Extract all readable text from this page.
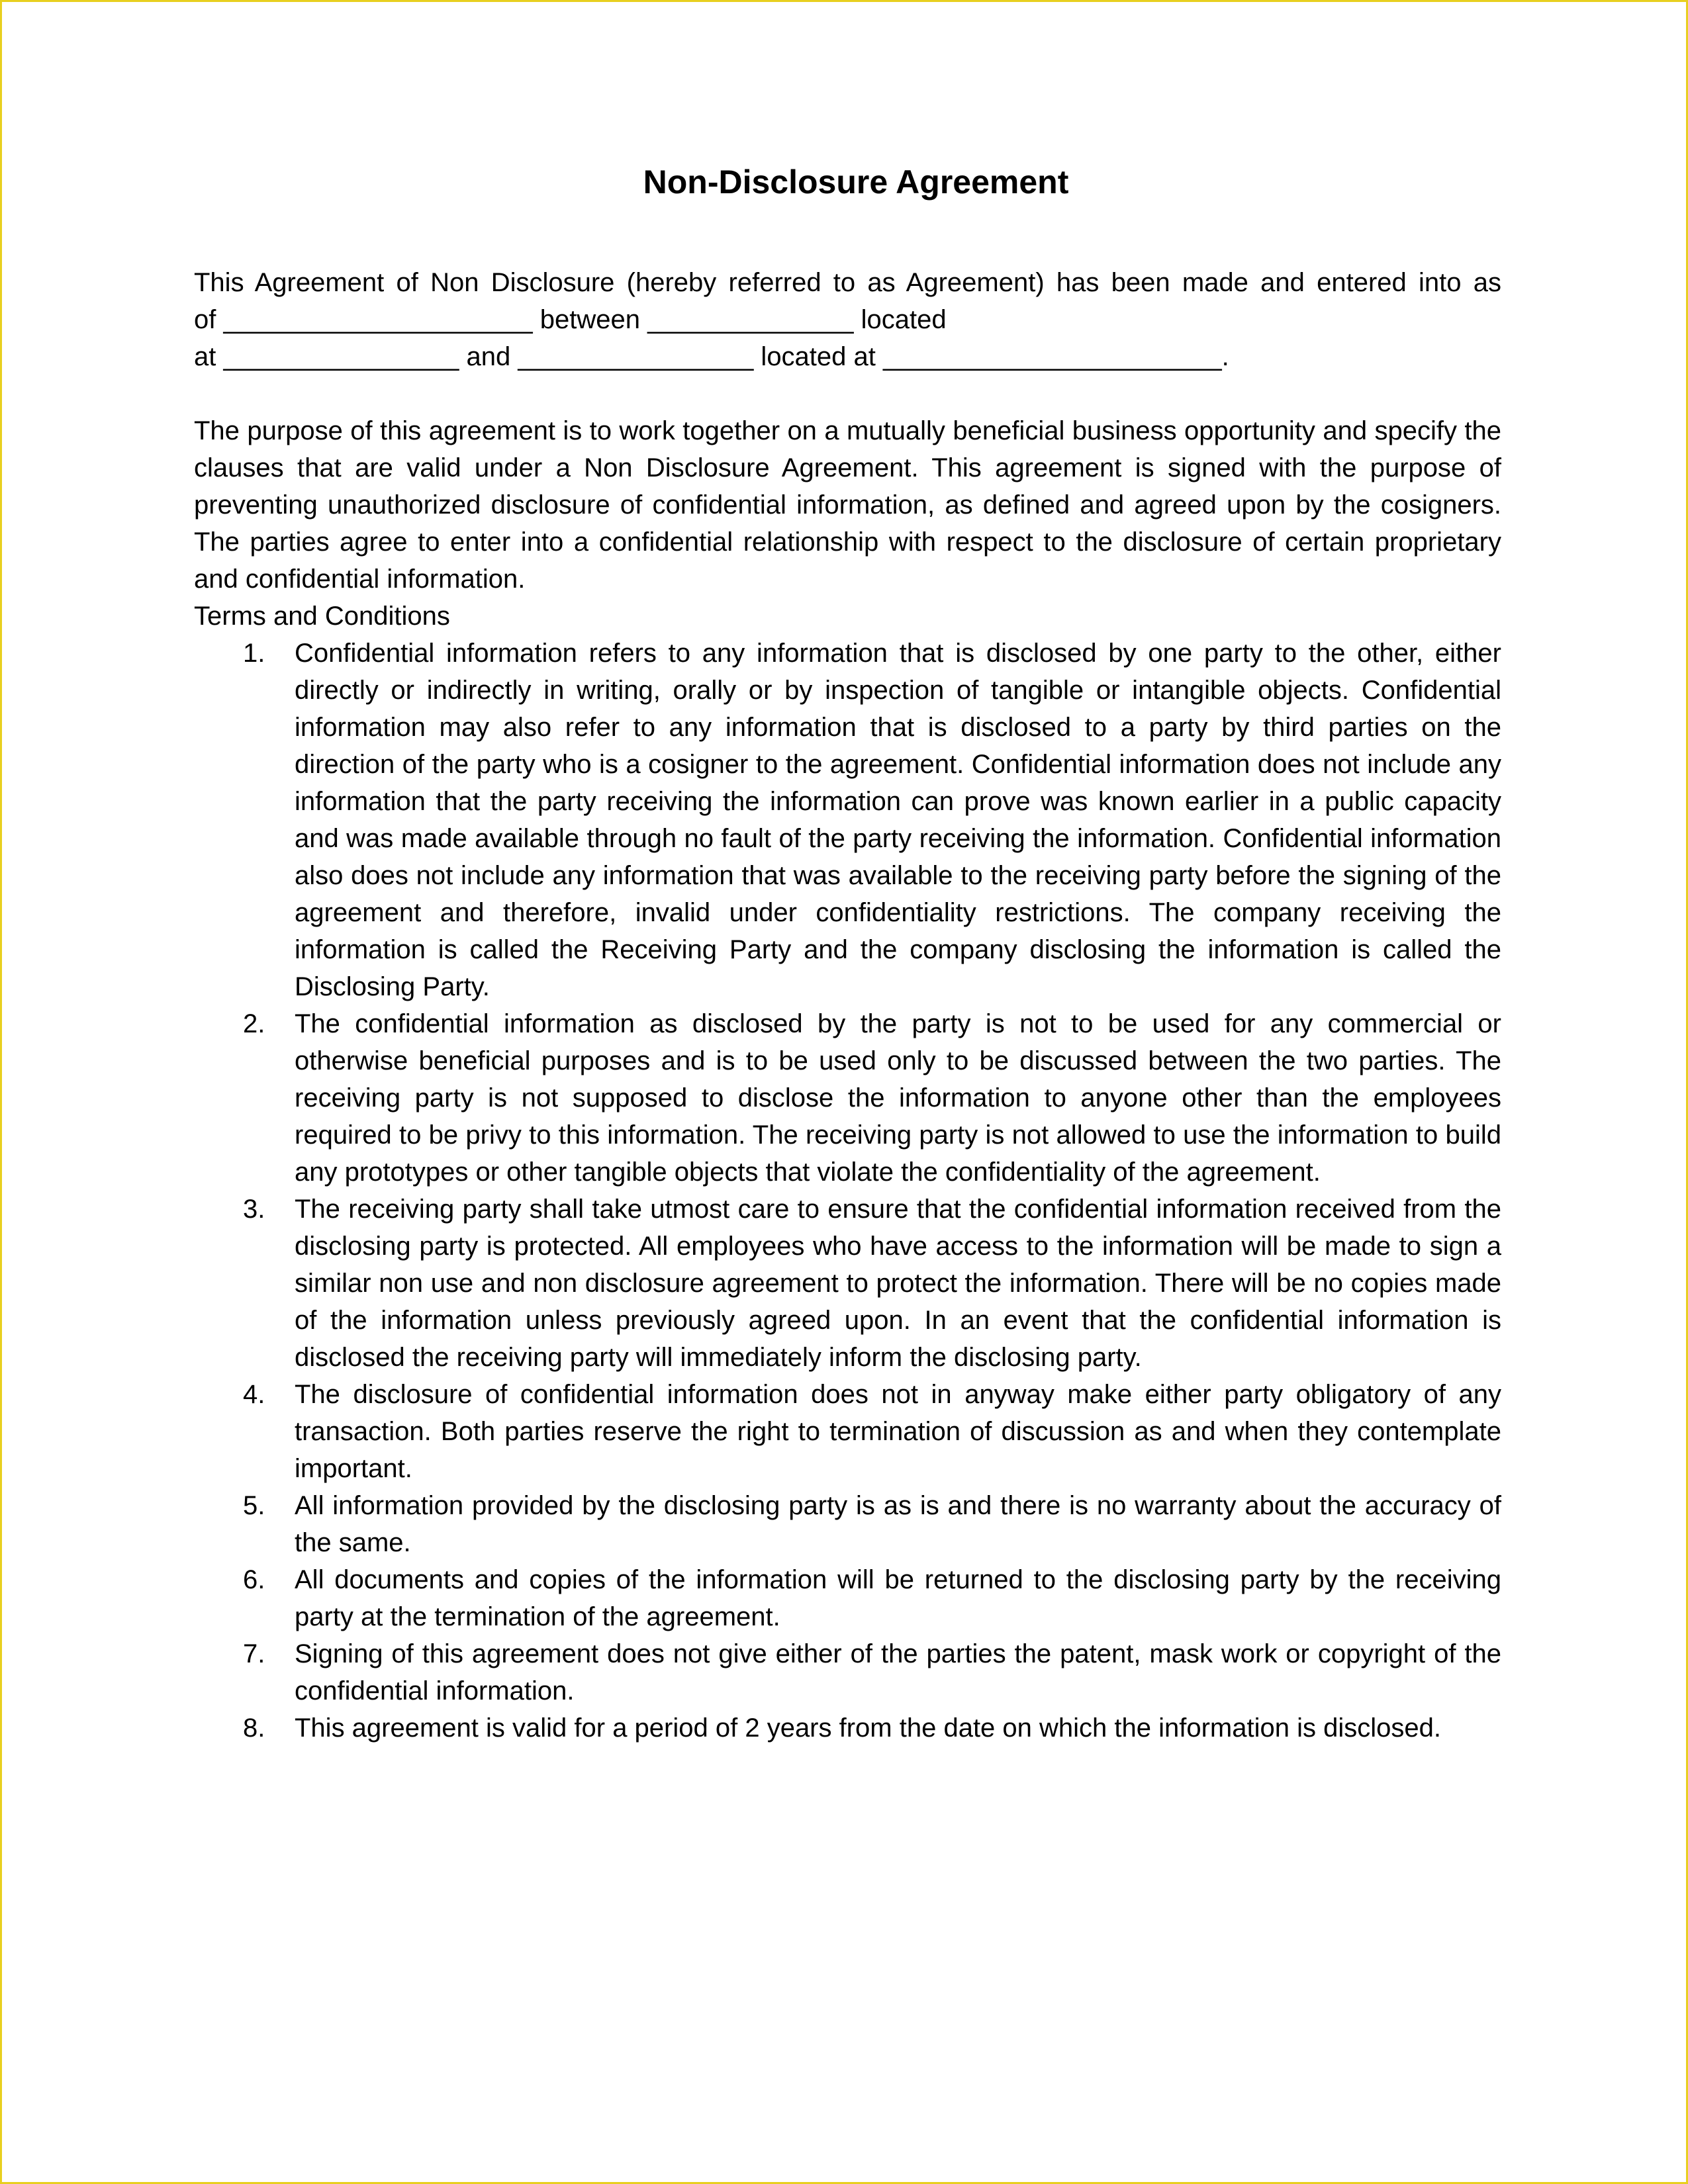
Non-Disclosure Agreement

This Agreement of Non Disclosure (hereby referred to as Agreement) has been made and entered into as
of _____________________ between ______________ located
at ________________ and ________________ located at _______________________.

The purpose of this agreement is to work together on a mutually beneficial business opportunity and specify the clauses that are valid under a Non Disclosure Agreement. This agreement is signed with the purpose of preventing unauthorized disclosure of confidential information, as defined and agreed upon by the cosigners. The parties agree to enter into a confidential relationship with respect to the disclosure of certain proprietary and confidential information.

Terms and Conditions

1. Confidential information refers to any information that is disclosed by one party to the other, either directly or indirectly in writing, orally or by inspection of tangible or intangible objects. Confidential information may also refer to any information that is disclosed to a party by third parties on the direction of the party who is a cosigner to the agreement. Confidential information does not include any information that the party receiving the information can prove was known earlier in a public capacity and was made available through no fault of the party receiving the information. Confidential information also does not include any information that was available to the receiving party before the signing of the agreement and therefore, invalid under confidentiality restrictions. The company receiving the information is called the Receiving Party and the company disclosing the information is called the Disclosing Party.
2. The confidential information as disclosed by the party is not to be used for any commercial or otherwise beneficial purposes and is to be used only to be discussed between the two parties. The receiving party is not supposed to disclose the information to anyone other than the employees required to be privy to this information. The receiving party is not allowed to use the information to build any prototypes or other tangible objects that violate the confidentiality of the agreement.
3. The receiving party shall take utmost care to ensure that the confidential information received from the disclosing party is protected. All employees who have access to the information will be made to sign a similar non use and non disclosure agreement to protect the information. There will be no copies made of the information unless previously agreed upon. In an event that the confidential information is disclosed the receiving party will immediately inform the disclosing party.
4. The disclosure of confidential information does not in anyway make either party obligatory of any transaction. Both parties reserve the right to termination of discussion as and when they contemplate important.
5. All information provided by the disclosing party is as is and there is no warranty about the accuracy of the same.
6. All documents and copies of the information will be returned to the disclosing party by the receiving party at the termination of the agreement.
7. Signing of this agreement does not give either of the parties the patent, mask work or copyright of the confidential information.
8. This agreement is valid for a period of 2 years from the date on which the information is disclosed.
